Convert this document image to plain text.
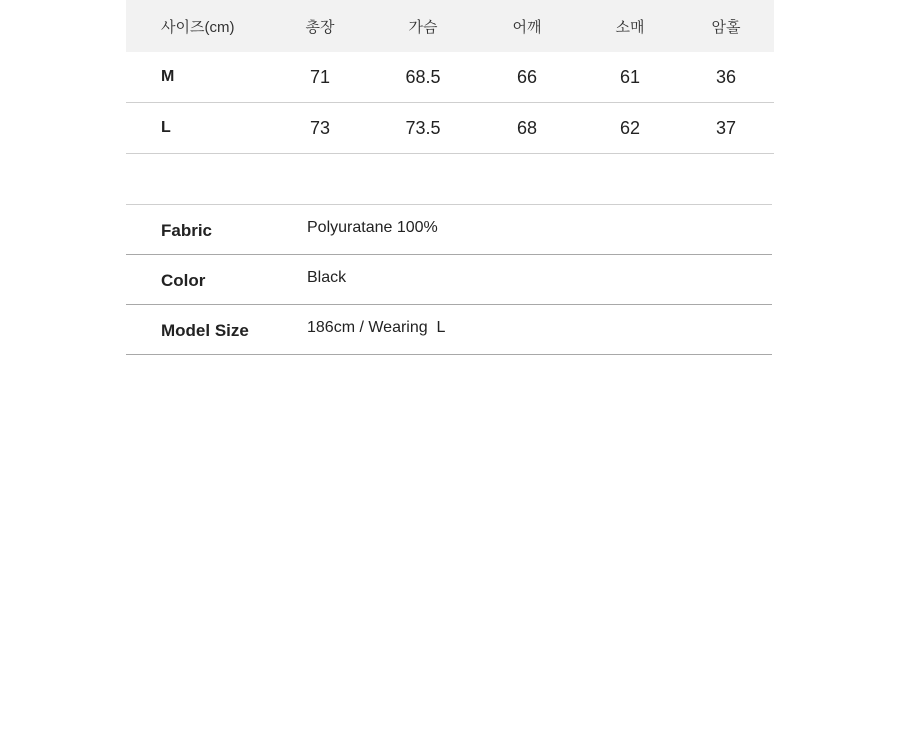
사이즈(cm)	총장	가슴	어깨	소매	암홀
M	71	68.5	66	61	36
L	73	73.5	68	62	37
Fabric	Polyuratane 100%
Color	Black
Model Size	186cm / Wearing  L
